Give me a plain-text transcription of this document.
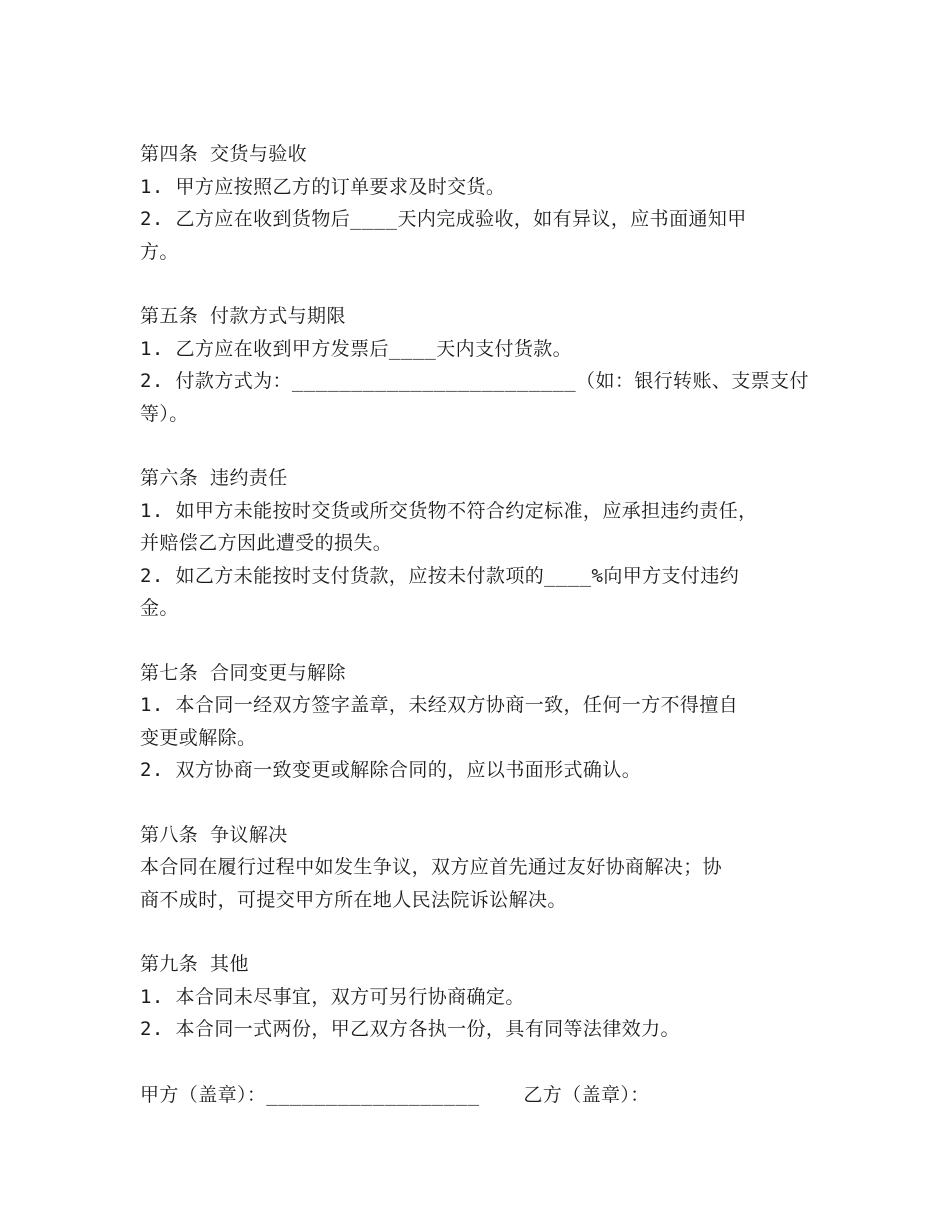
第四条 交货与验收
1. 甲方应按照乙方的订单要求及时交货。
2. 乙方应在收到货物后____天内完成验收，如有异议，应书面通知甲
方。
第五条 付款方式与期限
1. 乙方应在收到甲方发票后____天内支付货款。
2. 付款方式为：________________________（如：银行转账、支票支付
等）。
第六条 违约责任
1. 如甲方未能按时交货或所交货物不符合约定标准，应承担违约责任，
并赔偿乙方因此遭受的损失。
2. 如乙方未能按时支付货款，应按未付款项的____%向甲方支付违约
金。
第七条 合同变更与解除
1. 本合同一经双方签字盖章，未经双方协商一致，任何一方不得擅自
变更或解除。
2. 双方协商一致变更或解除合同的，应以书面形式确认。
第八条 争议解决
本合同在履行过程中如发生争议，双方应首先通过友好协商解决；协
商不成时，可提交甲方所在地人民法院诉讼解决。
第九条 其他
1. 本合同未尽事宜，双方可另行协商确定。
2. 本合同一式两份，甲乙双方各执一份，具有同等法律效力。
甲方（盖章）：__________________ 乙方（盖章）：
